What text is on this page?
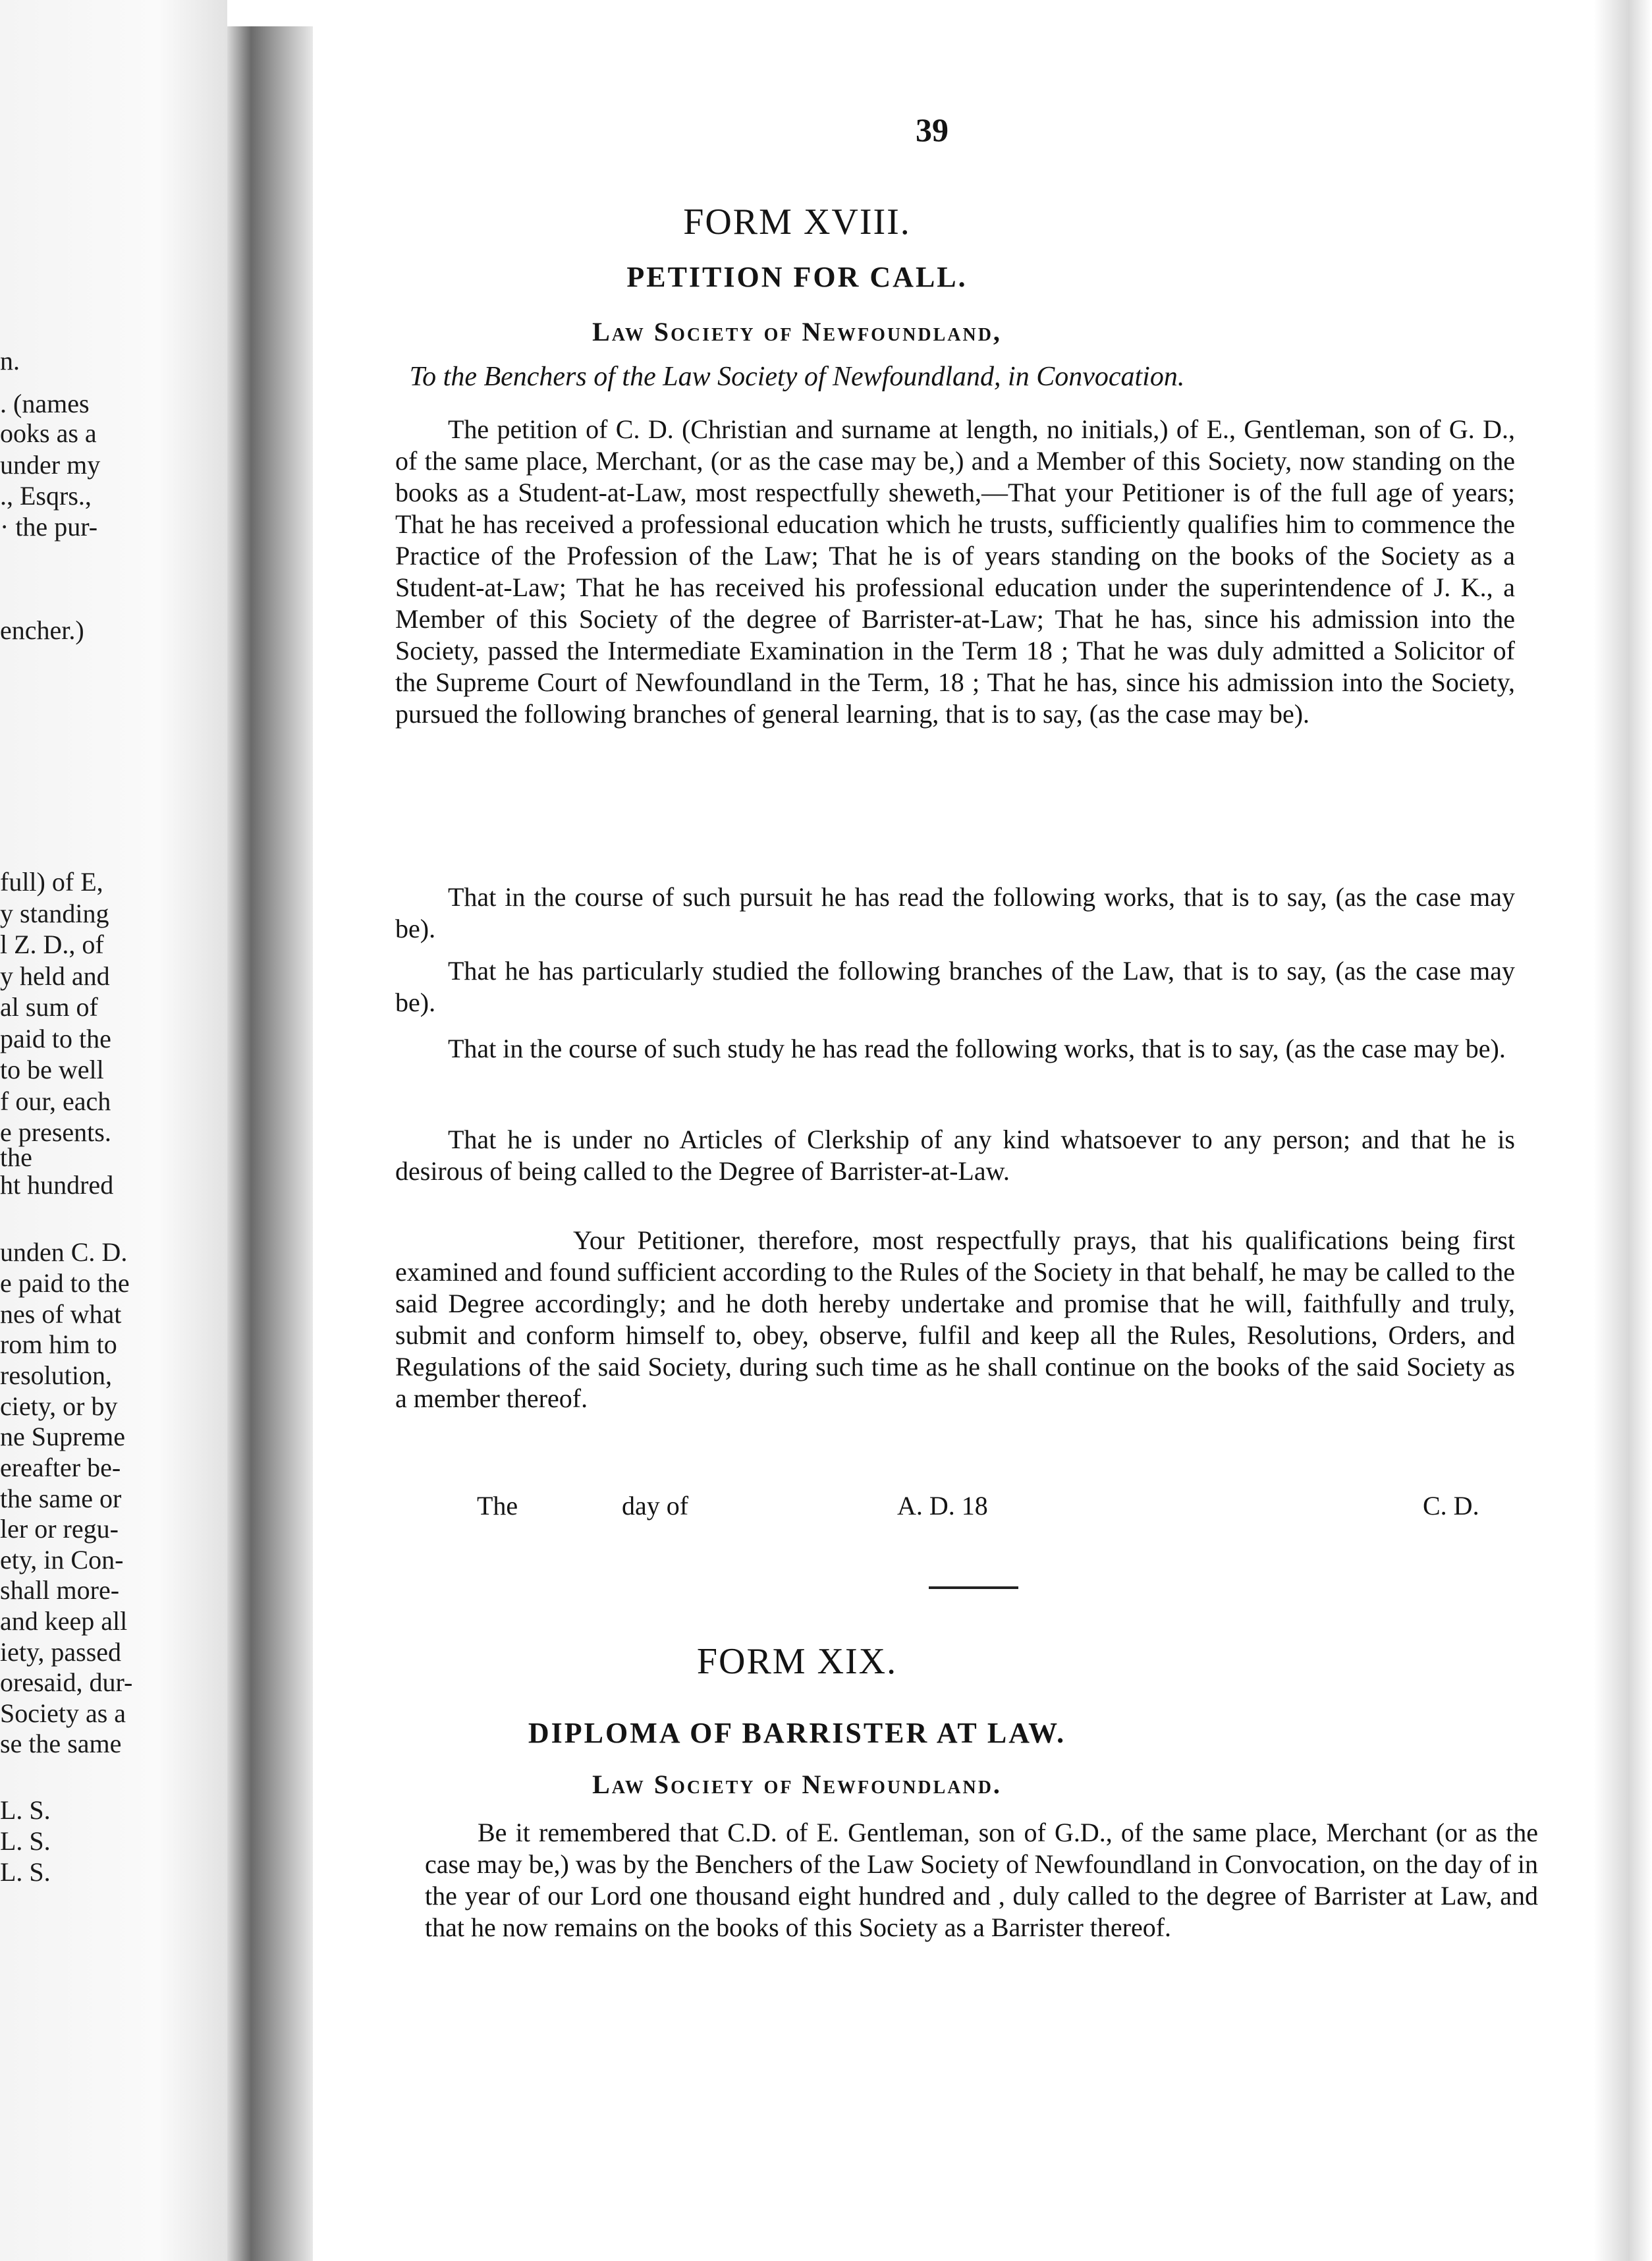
n.
. (names
ooks as a
under my
., Esqrs.,
· the pur-
encher.)
full) of E,
y standing
l Z. D., of
y held and
al sum of
paid to the
to be well
f our, each
e presents.
the
ht hundred
unden C. D.
e paid to the
nes of what
rom him to
resolution,
ciety, or by
ne Supreme
ereafter be-
the same or
ler or regu-
ety, in Con-
shall more-
and keep all
iety, passed
oresaid, dur-
Society as a
se the same
L. S.
L. S.
L. S.
39
FORM XVIII.
PETITION FOR CALL.
Law Society of Newfoundland,
To the Benchers of the Law Society of Newfoundland, in Convocation.
The petition of C. D. (Christian and surname at length, no initials,) of E., Gentleman, son of G. D., of the same place, Merchant, (or as the case may be,) and a Member of this Society, now standing on the books as a Student-at-Law, most respectfully sheweth,—That your Petitioner is of the full age of years; That he has received a professional education which he trusts, sufficiently qualifies him to commence the Practice of the Profession of the Law; That he is of years standing on the books of the Society as a Student-at-Law; That he has received his professional education under the superintendence of J. K., a Member of this Society of the degree of Barrister-at-Law; That he has, since his admission into the Society, passed the Intermediate Examination in the Term 18 ; That he was duly admitted a Solicitor of the Supreme Court of Newfoundland in the Term, 18 ; That he has, since his admission into the Society, pursued the following branches of general learning, that is to say, (as the case may be).
That in the course of such pursuit he has read the following works, that is to say, (as the case may be).
That he has particularly studied the following branches of the Law, that is to say, (as the case may be).
That in the course of such study he has read the following works, that is to say, (as the case may be).
That he is under no Articles of Clerkship of any kind whatsoever to any person; and that he is desirous of being called to the Degree of Barrister-at-Law.
Your Petitioner, therefore, most respectfully prays, that his qualifications being first examined and found sufficient according to the Rules of the Society in that behalf, he may be called to the said Degree accordingly; and he doth hereby undertake and promise that he will, faithfully and truly, submit and conform himself to, obey, observe, fulfil and keep all the Rules, Resolutions, Orders, and Regulations of the said Society, during such time as he shall continue on the books of the said Society as a member thereof.
The	day of	A. D. 18	C. D.
FORM XIX.
DIPLOMA OF BARRISTER AT LAW.
Law Society of Newfoundland.
Be it remembered that C.D. of E. Gentleman, son of G.D., of the same place, Merchant (or as the case may be,) was by the Benchers of the Law Society of Newfoundland in Convocation, on the day of in the year of our Lord one thousand eight hundred and , duly called to the degree of Barrister at Law, and that he now remains on the books of this Society as a Barrister thereof.
